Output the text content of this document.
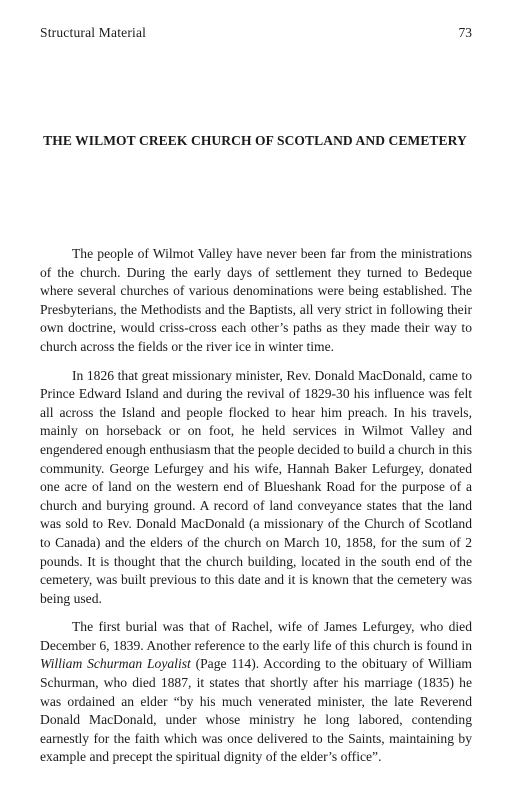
Structural Material	73
THE WILMOT CREEK CHURCH OF SCOTLAND AND CEMETERY

The people of Wilmot Valley have never been far from the ministrations of the church. During the early days of settlement they turned to Bedeque where several churches of various denominations were being established. The Presbyterians, the Methodists and the Baptists, all very strict in following their own doctrine, would criss-cross each other’s paths as they made their way to church across the fields or the river ice in winter time.

In 1826 that great missionary minister, Rev. Donald MacDonald, came to Prince Edward Island and during the revival of 1829-30 his influence was felt all across the Island and people flocked to hear him preach. In his travels, mainly on horseback or on foot, he held services in Wilmot Valley and engendered enough enthusiasm that the people decided to build a church in this community. George Lefurgey and his wife, Hannah Baker Lefurgey, donated one acre of land on the western end of Blueshank Road for the purpose of a church and burying ground. A record of land conveyance states that the land was sold to Rev. Donald MacDonald (a missionary of the Church of Scotland to Canada) and the elders of the church on March 10, 1858, for the sum of 2 pounds. It is thought that the church building, located in the south end of the cemetery, was built previous to this date and it is known that the cemetery was being used.

The first burial was that of Rachel, wife of James Lefurgey, who died December 6, 1839. Another reference to the early life of this church is found in William Schurman Loyalist (Page 114). According to the obituary of William Schurman, who died 1887, it states that shortly after his marriage (1835) he was ordained an elder “by his much venerated minister, the late Reverend Donald MacDonald, under whose ministry he long labored, contending earnestly for the faith which was once delivered to the Saints, maintaining by example and precept the spiritual dignity of the elder’s office”.
